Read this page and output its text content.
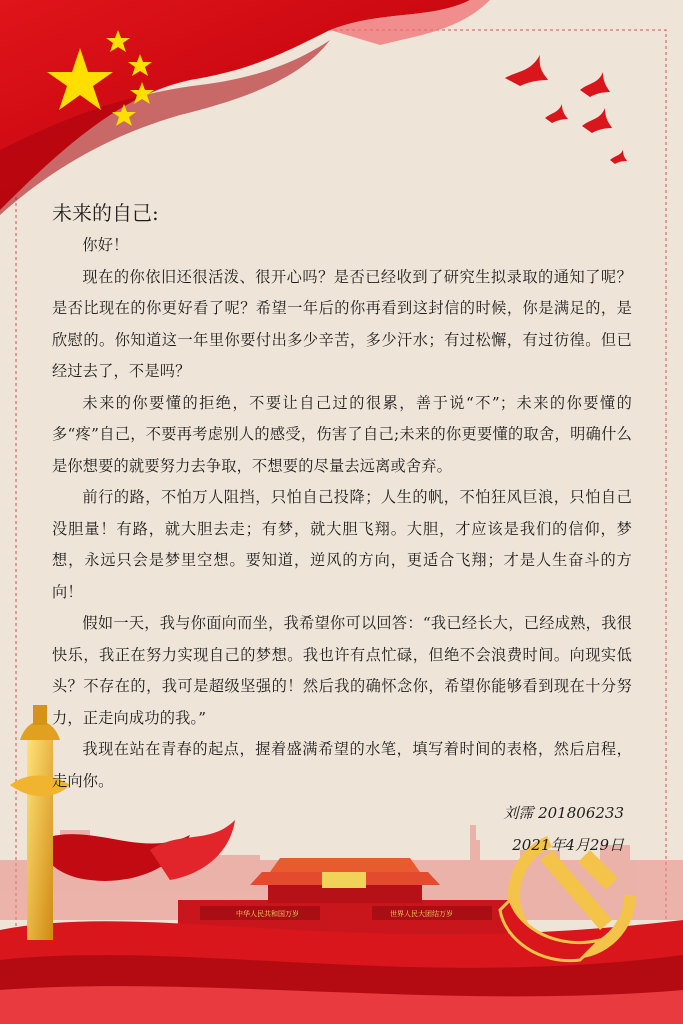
中华人民共和国万岁	世界人民大团结万岁
未来的自己:

你好！

现在的你依旧还很活泼、很开心吗？是否已经收到了研究生拟录取的通知了呢？是否比现在的你更好看了呢？希望一年后的你再看到这封信的时候，你是满足的，是欣慰的。你知道这一年里你要付出多少辛苦，多少汗水；有过松懈，有过彷徨。但已经过去了，不是吗？

未来的你要懂的拒绝，不要让自己过的很累，善于说“不”；未来的你要懂的多“疼”自己，不要再考虑别人的感受，伤害了自己;未来的你更要懂的取舍，明确什么是你想要的就要努力去争取，不想要的尽量去远离或舍弃。

前行的路，不怕万人阻挡，只怕自己投降；人生的帆，不怕狂风巨浪，只怕自己没胆量！有路，就大胆去走；有梦，就大胆飞翔。大胆，才应该是我们的信仰，梦想，永远只会是梦里空想。要知道，逆风的方向，更适合飞翔；才是人生奋斗的方向！

假如一天，我与你面向而坐，我希望你可以回答：“我已经长大，已经成熟，我很快乐，我正在努力实现自己的梦想。我也许有点忙碌，但绝不会浪费时间。向现实低头？不存在的，我可是超级坚强的！然后我的确怀念你，希望你能够看到现在十分努力，正走向成功的我。”

我现在站在青春的起点，握着盛满希望的水笔，填写着时间的表格，然后启程，走向你。

刘霈 201806233
2021年4月29日
